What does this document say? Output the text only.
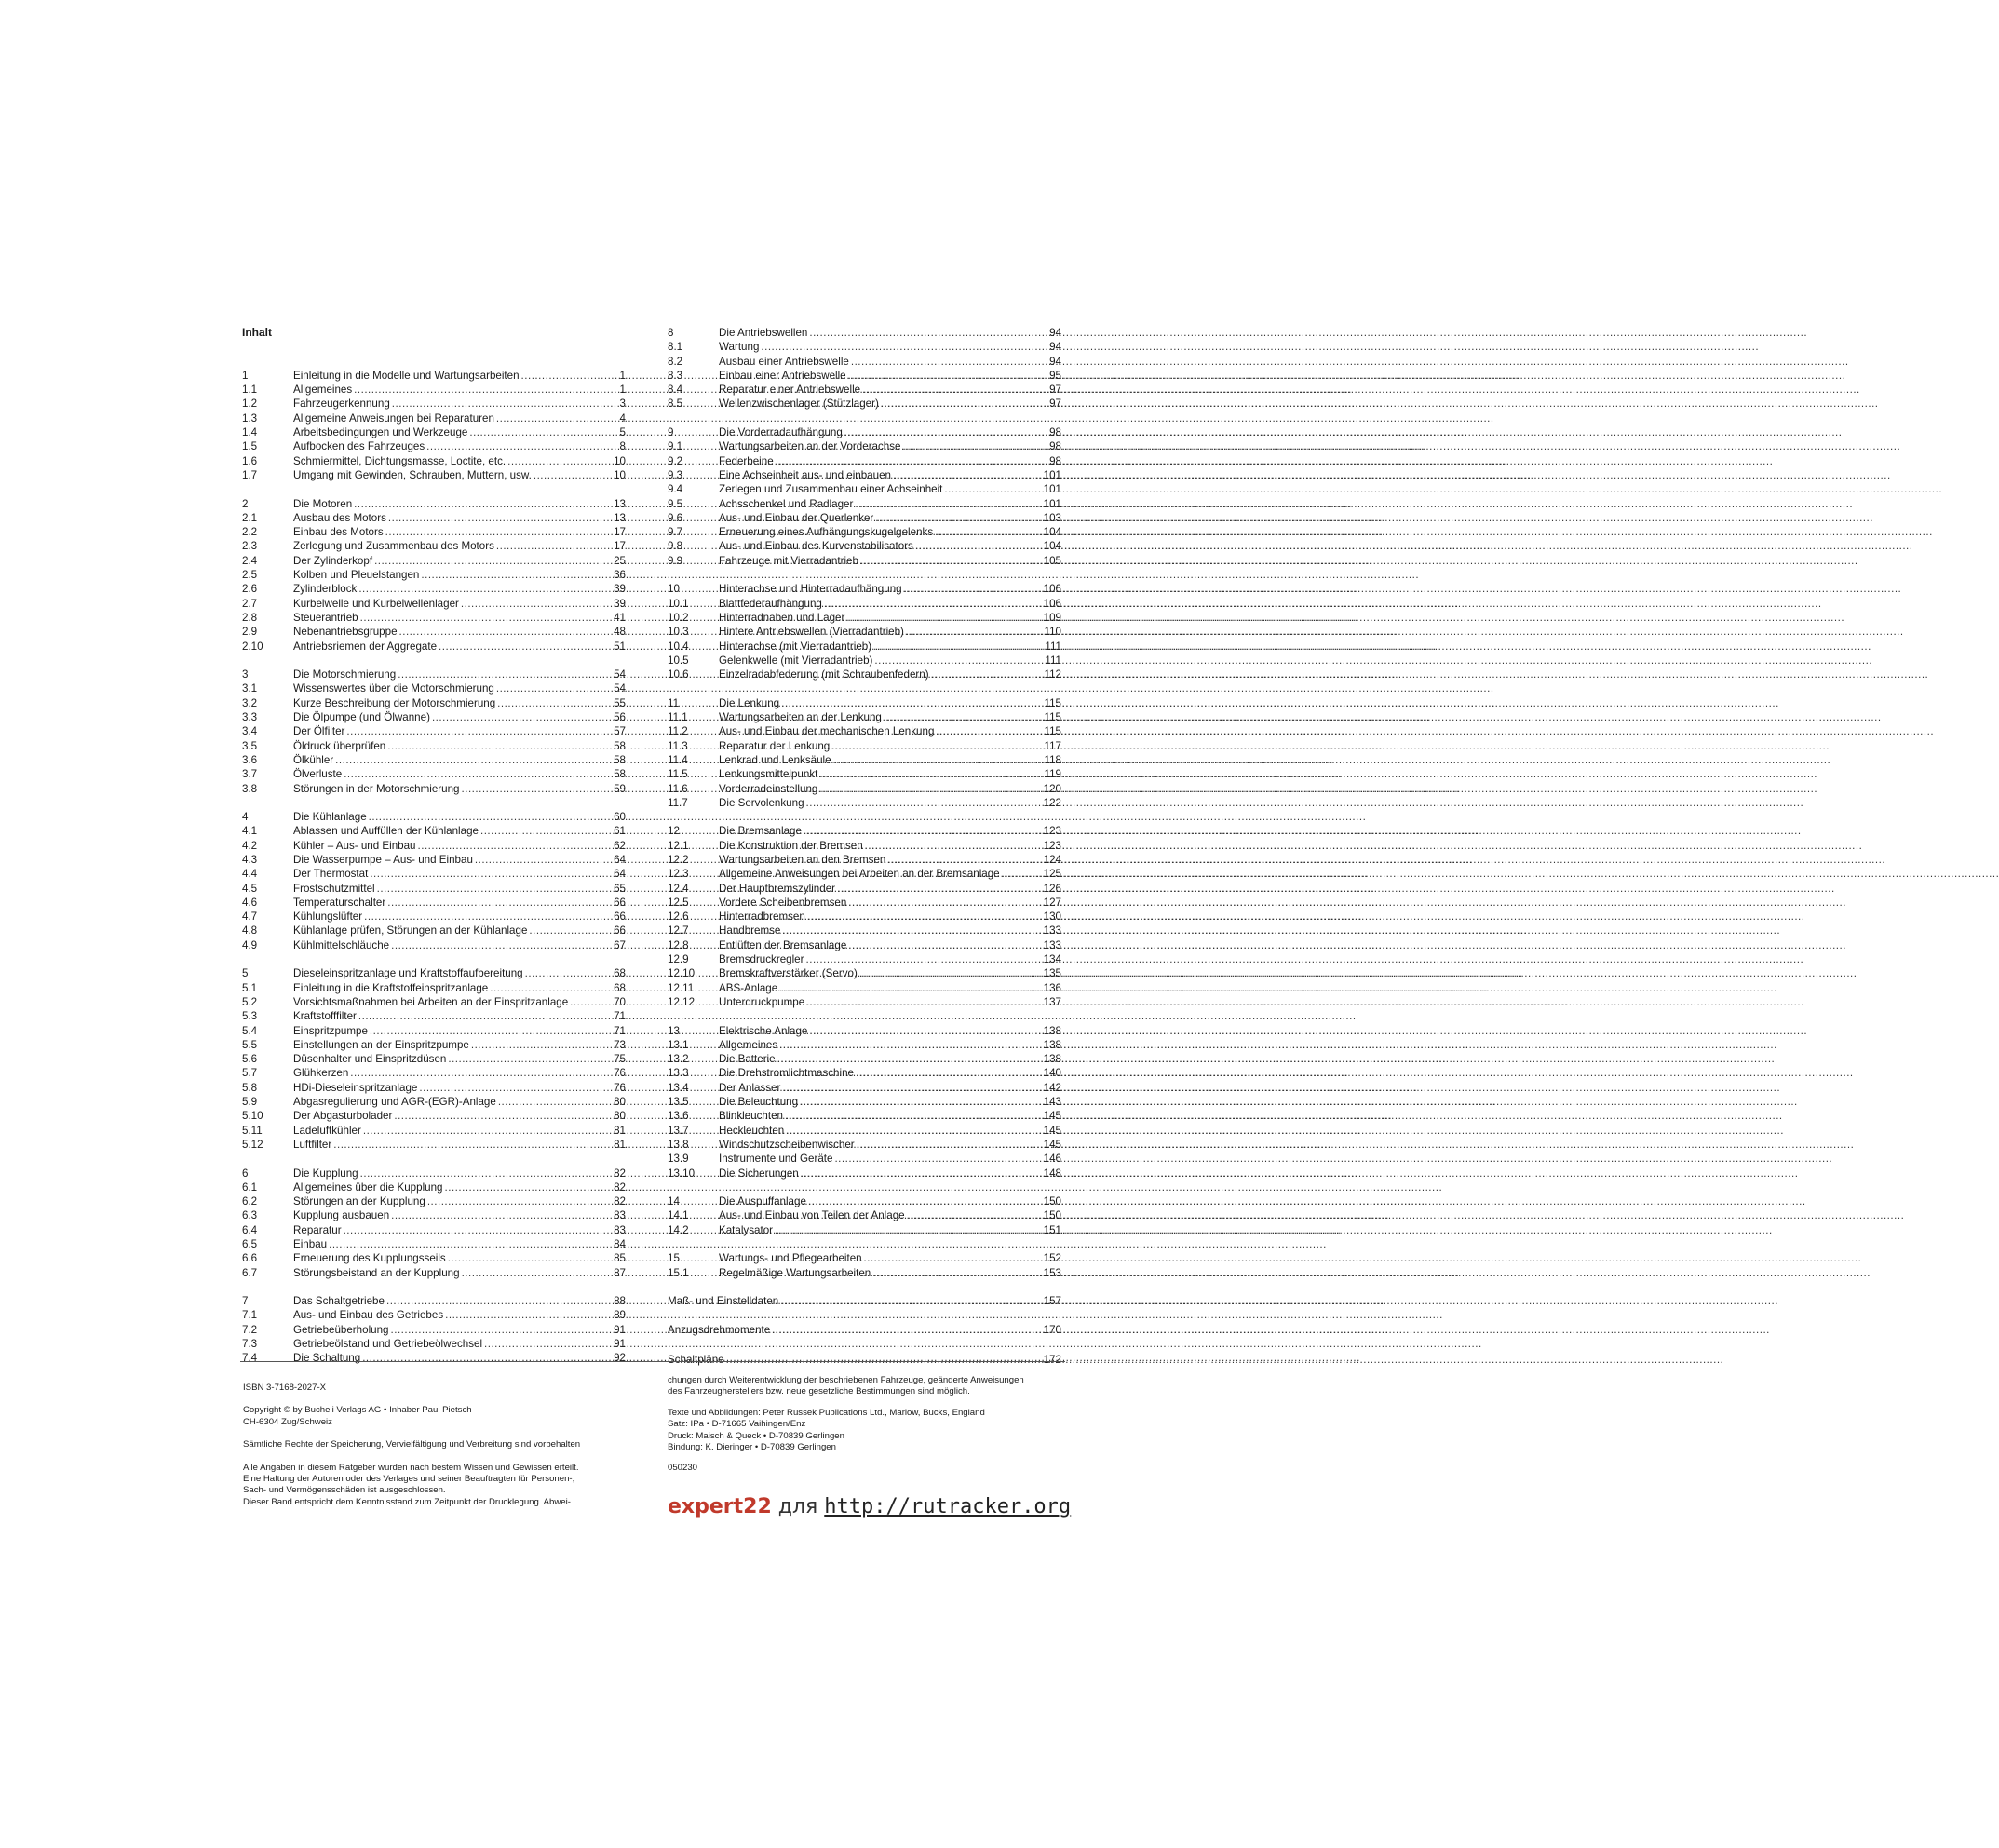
Inhalt
1	Einleitung in die Modelle und Wartungsarbeiten .....	1
1.1	Allgemeines .....	1
1.2	Fahrzeugerkennung .....	3
1.3	Allgemeine Anweisungen bei Reparaturen .....	4
1.4	Arbeitsbedingungen und Werkzeuge .....	5
1.5	Aufbocken des Fahrzeuges .....	8
1.6	Schmiermittel, Dichtungsmasse, Loctite, etc. .....	10
1.7	Umgang mit Gewinden, Schrauben, Muttern, usw. .....	10
2	Die Motoren .....	13
2.1	Ausbau des Motors .....	13
2.2	Einbau des Motors .....	17
2.3	Zerlegung und Zusammenbau des Motors .....	17
2.4	Der Zylinderkopf .....	25
2.5	Kolben und Pleuelstangen .....	36
2.6	Zylinderblock .....	39
2.7	Kurbelwelle und Kurbelwellenlager .....	39
2.8	Steuerantrieb .....	41
2.9	Nebenantriebsgruppe .....	48
2.10	Antriebsriemen der Aggregate .....	51
3	Die Motorschmierung .....	54
3.1	Wissenswertes über die Motorschmierung .....	54
3.2	Kurze Beschreibung der Motorschmierung .....	55
3.3	Die Ölpumpe (und Ölwanne) .....	56
3.4	Der Ölfilter .....	57
3.5	Öldruck überprüfen .....	58
3.6	Ölkühler .....	58
3.7	Ölverluste .....	58
3.8	Störungen in der Motorschmierung .....	59
4	Die Kühlanlage .....	60
4.1	Ablassen und Auffüllen der Kühlanlage .....	61
4.2	Kühler – Aus- und Einbau .....	62
4.3	Die Wasserpumpe – Aus- und Einbau .....	64
4.4	Der Thermostat .....	64
4.5	Frostschutzmittel .....	65
4.6	Temperaturschalter .....	66
4.7	Kühlungslüfter .....	66
4.8	Kühlanlage prüfen, Störungen an der Kühlanlage .....	66
4.9	Kühlmittelschläuche .....	67
5	Dieseleinspritzanlage und Kraftstoffaufbereitung .....	68
5.1	Einleitung in die Kraftstoffeinspritzanlage .....	68
5.2	Vorsichtsmaßnahmen bei Arbeiten an der Einspritzanlage .....	70
5.3	Kraftstofffilter .....	71
5.4	Einspritzpumpe .....	71
5.5	Einstellungen an der Einspritzpumpe .....	73
5.6	Düsenhalter und Einspritzdüsen .....	75
5.7	Glühkerzen .....	76
5.8	HDi-Dieseleinspritzanlage .....	76
5.9	Abgasregulierung und AGR-(EGR)-Anlage .....	80
5.10	Der Abgasturbolader .....	80
5.11	Ladeluftkühler .....	81
5.12	Luftfilter .....	81
6	Die Kupplung .....	82
6.1	Allgemeines über die Kupplung .....	82
6.2	Störungen an der Kupplung .....	82
6.3	Kupplung ausbauen .....	83
6.4	Reparatur .....	83
6.5	Einbau .....	84
6.6	Erneuerung des Kupplungsseils .....	85
6.7	Störungsbeistand an der Kupplung .....	87
7	Das Schaltgetriebe .....	88
7.1	Aus- und Einbau des Getriebes .....	89
7.2	Getriebeüberholung .....	91
7.3	Getriebeölstand und Getriebeölwechsel .....	91
7.4	Die Schaltung .....	92
8	Die Antriebswellen .....	94
8.1	Wartung .....	94
8.2	Ausbau einer Antriebswelle .....	94
8.3	Einbau einer Antriebswelle .....	95
8.4	Reparatur einer Antriebswelle .....	97
8.5	Wellenzwischenlager (Stützlager) .....	97
9	Die Vorderradaufhängung .....	98
9.1	Wartungsarbeiten an der Vorderachse .....	98
9.2	Federbeine .....	98
9.3	Eine Achseinheit aus- und einbauen .....	101
9.4	Zerlegen und Zusammenbau einer Achseinheit .....	101
9.5	Achsschenkel und Radlager .....	101
9.6	Aus- und Einbau der Querlenker .....	103
9.7	Erneuerung eines Aufhängungskugelgelenks .....	104
9.8	Aus- und Einbau des Kurvenstabilisators .....	104
9.9	Fahrzeuge mit Vierradantrieb .....	105
10	Hinterachse und Hinterradaufhängung .....	106
10.1	Blattfederaufhängung .....	106
10.2	Hinterradnaben und Lager .....	109
10.3	Hintere Antriebswellen (Vierradantrieb) .....	110
10.4	Hinterachse (mit Vierradantrieb) .....	111
10.5	Gelenkwelle (mit Vierradantrieb) .....	111
10.6	Einzelradabfederung (mit Schraubenfedern) .....	112
11	Die Lenkung .....	115
11.1	Wartungsarbeiten an der Lenkung .....	115
11.2	Aus- und Einbau der mechanischen Lenkung .....	115
11.3	Reparatur der Lenkung .....	117
11.4	Lenkrad und Lenksäule .....	118
11.5	Lenkungsmittelpunkt .....	119
11.6	Vorderradeinstellung .....	120
11.7	Die Servolenkung .....	122
12	Die Bremsanlage .....	123
12.1	Die Konstruktion der Bremsen .....	123
12.2	Wartungsarbeiten an den Bremsen .....	124
12.3	Allgemeine Anweisungen bei Arbeiten an der Bremsanlage .....	125
12.4	Der Hauptbremszylinder .....	126
12.5	Vordere Scheibenbremsen .....	127
12.6	Hinterradbremsen .....	130
12.7	Handbremse .....	133
12.8	Entlüften der Bremsanlage .....	133
12.9	Bremsdruckregler .....	134
12.10	Bremskraftverstärker (Servo) .....	135
12.11	ABS-Anlage .....	136
12.12	Unterdruckpumpe .....	137
13	Elektrische Anlage .....	138
13.1	Allgemeines .....	138
13.2	Die Batterie .....	138
13.3	Die Drehstromlichtmaschine .....	140
13.4	Der Anlasser .....	142
13.5	Die Beleuchtung .....	143
13.6	Blinkleuchten .....	145
13.7	Heckleuchten .....	145
13.8	Windschutzscheibenwischer .....	145
13.9	Instrumente und Geräte .....	146
13.10	Die Sicherungen .....	148
14	Die Auspuffanlage .....	150
14.1	Aus- und Einbau von Teilen der Anlage .....	150
14.2	Katalysator .....	151
15	Wartungs- und Pflegearbeiten .....	152
15.1	Regelmäßige Wartungsarbeiten .....	153
Maß- und Einstelldaten .....	157
Anzugsdrehmomente .....	170
Schaltpläne .....	172

ISBN 3-7168-2027-X

Copyright © by Bucheli Verlags AG • Inhaber Paul Pietsch
CH-6304 Zug/Schweiz

Sämtliche Rechte der Speicherung, Vervielfältigung und Verbreitung sind vorbehalten

Alle Angaben in diesem Ratgeber wurden nach bestem Wissen und Gewissen erteilt.
Eine Haftung der Autoren oder des Verlages und seiner Beauftragten für Personen-,
Sach- und Vermögensschäden ist ausgeschlossen.
Dieser Band entspricht dem Kenntnisstand zum Zeitpunkt der Drucklegung. Abwei-

chungen durch Weiterentwicklung der beschriebenen Fahrzeuge, geänderte Anweisungen
des Fahrzeugherstellers bzw. neue gesetzliche Bestimmungen sind möglich.

Texte und Abbildungen: Peter Russek Publications Ltd., Marlow, Bucks, England
Satz: IPa • D-71665 Vaihingen/Enz
Druck: Maisch & Queck • D-70839 Gerlingen
Bindung: K. Dieringer • D-70839 Gerlingen

050230

expert22 для http://rutracker.org
